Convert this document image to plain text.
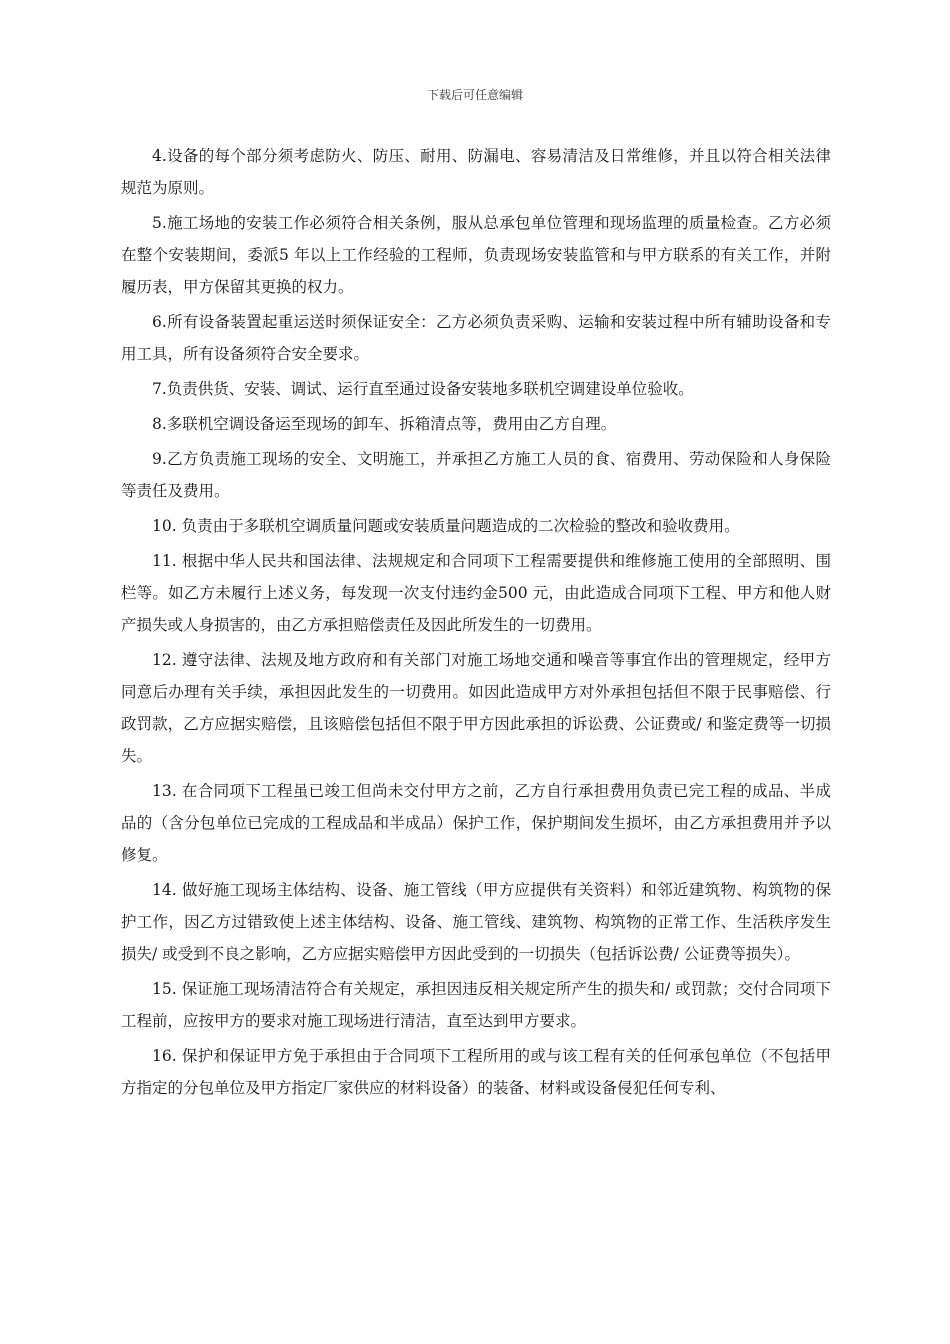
下载后可任意编辑

4.设备的每个部分须考虑防火、防压、耐用、防漏电、容易清洁及日常维修，并且以符合相关法律规范为原则。

5.施工场地的安装工作必须符合相关条例，服从总承包单位管理和现场监理的质量检查。乙方必须在整个安装期间，委派5 年以上工作经验的工程师，负责现场安装监管和与甲方联系的有关工作，并附履历表，甲方保留其更换的权力。

6.所有设备装置起重运送时须保证安全：乙方必须负责采购、运输和安装过程中所有辅助设备和专用工具，所有设备须符合安全要求。

7.负责供货、安装、调试、运行直至通过设备安装地多联机空调建设单位验收。

8.多联机空调设备运至现场的卸车、拆箱清点等，费用由乙方自理。

9.乙方负责施工现场的安全、文明施工，并承担乙方施工人员的食、宿费用、劳动保险和人身保险等责任及费用。

10. 负责由于多联机空调质量问题或安装质量问题造成的二次检验的整改和验收费用。

11. 根据中华人民共和国法律、法规规定和合同项下工程需要提供和维修施工使用的全部照明、围栏等。如乙方未履行上述义务，每发现一次支付违约金500 元，由此造成合同项下工程、甲方和他人财产损失或人身损害的，由乙方承担赔偿责任及因此所发生的一切费用。

12. 遵守法律、法规及地方政府和有关部门对施工场地交通和噪音等事宜作出的管理规定，经甲方同意后办理有关手续，承担因此发生的一切费用。如因此造成甲方对外承担包括但不限于民事赔偿、行政罚款，乙方应据实赔偿，且该赔偿包括但不限于甲方因此承担的诉讼费、公证费或/ 和鉴定费等一切损失。

13. 在合同项下工程虽已竣工但尚未交付甲方之前，乙方自行承担费用负责已完工程的成品、半成品的（含分包单位已完成的工程成品和半成品）保护工作，保护期间发生损坏，由乙方承担费用并予以修复。

14. 做好施工现场主体结构、设备、施工管线（甲方应提供有关资料）和邻近建筑物、构筑物的保护工作，因乙方过错致使上述主体结构、设备、施工管线、建筑物、构筑物的正常工作、生活秩序发生损失/ 或受到不良之影响，乙方应据实赔偿甲方因此受到的一切损失（包括诉讼费/ 公证费等损失）。

15. 保证施工现场清洁符合有关规定，承担因违反相关规定所产生的损失和/ 或罚款；交付合同项下工程前，应按甲方的要求对施工现场进行清洁，直至达到甲方要求。

16. 保护和保证甲方免于承担由于合同项下工程所用的或与该工程有关的任何承包单位（不包括甲方指定的分包单位及甲方指定厂家供应的材料设备）的装备、材料或设备侵犯任何专利、
